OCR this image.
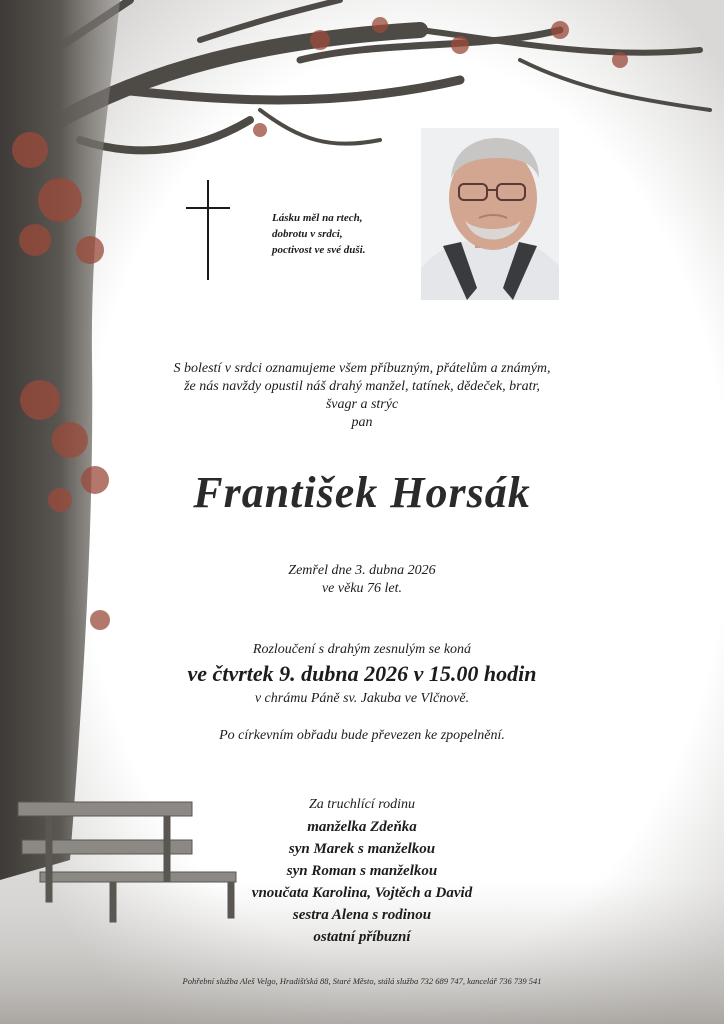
Lásku měl na rtech,
dobrotu v srdci,
poctivost ve své duši.
S bolestí v srdci oznamujeme všem příbuzným, přátelům a známým,
že nás navždy opustil náš drahý manžel, tatínek, dědeček, bratr,
švagr a strýc
pan
František Horsák
Zemřel dne 3. dubna 2026
ve věku 76 let.
Rozloučení s drahým zesnulým se koná
ve čtvrtek 9. dubna 2026 v 15.00 hodin
v chrámu Páně sv. Jakuba ve Vlčnově.
Po církevním obřadu bude převezen ke zpopelnění.
Za truchlící rodinu
manželka Zdeňka
syn Marek s manželkou
syn Roman s manželkou
vnoučata Karolina, Vojtěch a David
sestra Alena s rodinou
ostatní příbuzní
Pohřební služba Aleš Velgo, Hradišťská 88, Staré Město, stálá služba 732 689 747, kancelář 736 739 541
